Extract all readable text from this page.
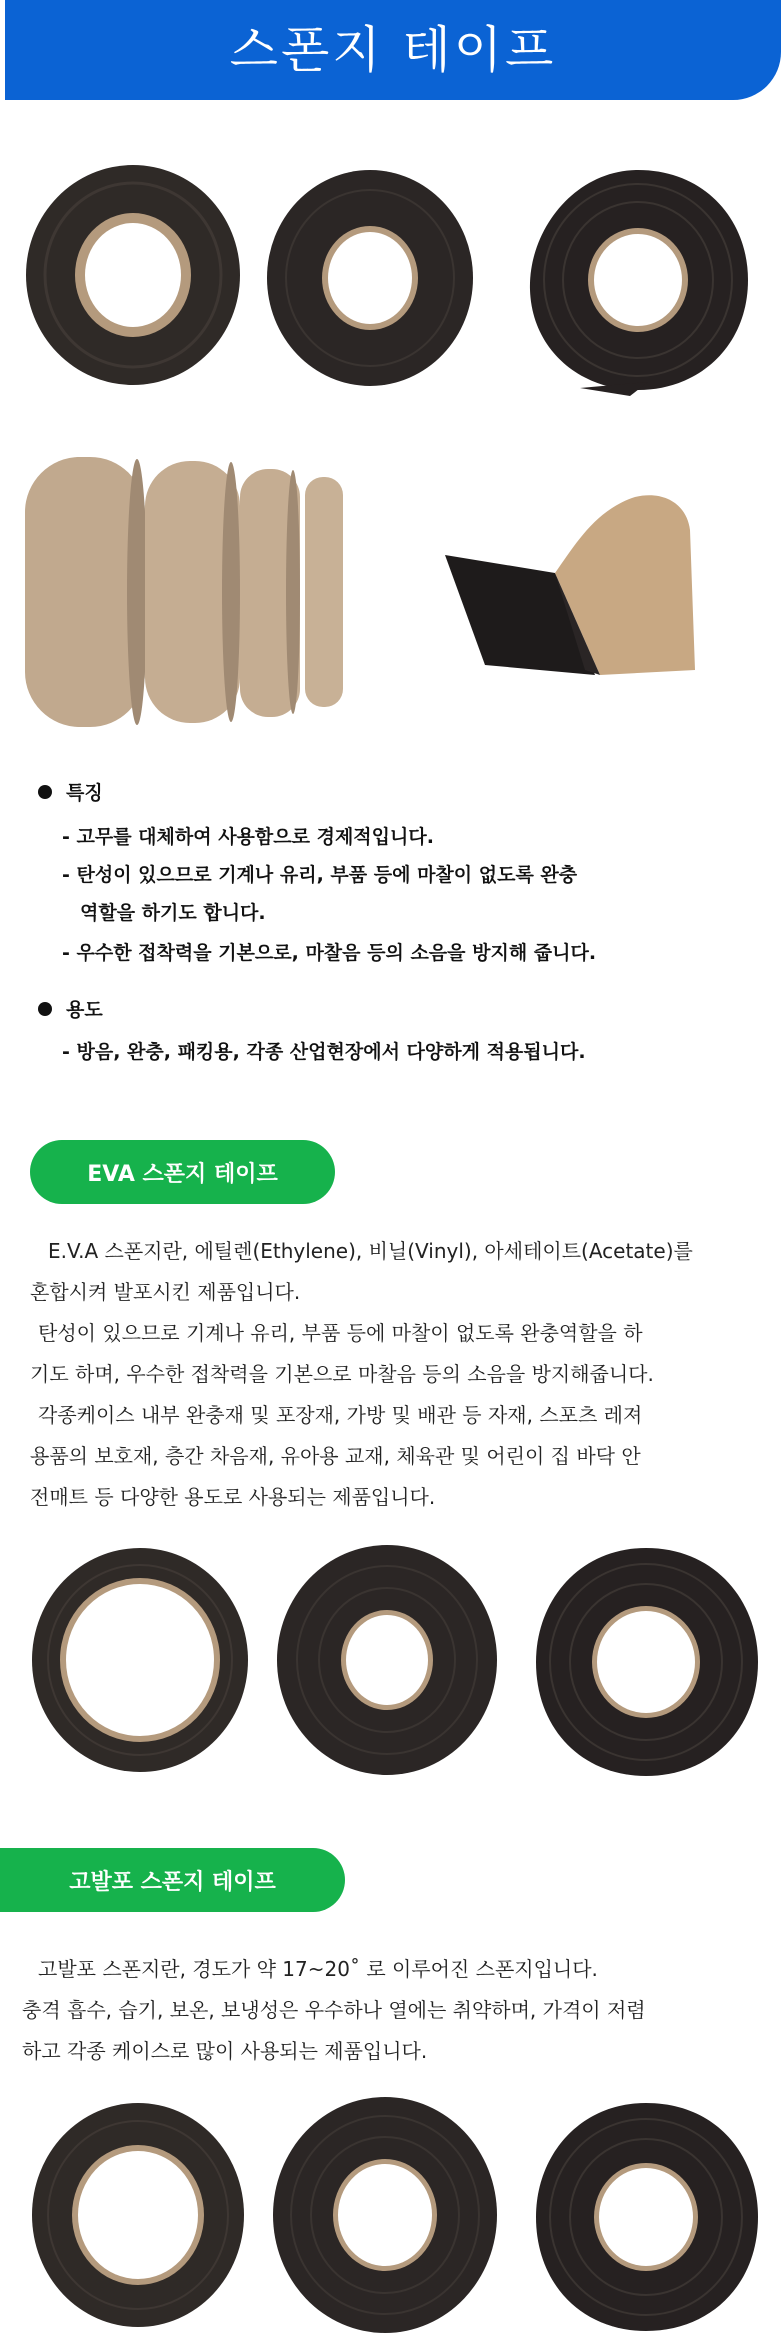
스폰지 테이프
특징
- 고무를 대체하여 사용함으로 경제적입니다.
- 탄성이 있으므로 기계나 유리, 부품 등에 마찰이 없도록 완충
역할을 하기도 합니다.
- 우수한 접착력을 기본으로, 마찰음 등의 소음을 방지해 줍니다.
용도
- 방음, 완충, 패킹용, 각종 산업현장에서 다양하게 적용됩니다.
EVA 스폰지 테이프
E.V.A 스폰지란, 에틸렌(Ethylene), 비닐(Vinyl), 아세테이트(Acetate)를
혼합시켜 발포시킨 제품입니다.
탄성이 있으므로 기계나 유리, 부품 등에 마찰이 없도록 완충역할을 하
기도 하며, 우수한 접착력을 기본으로 마찰음 등의 소음을 방지해줍니다.
각종케이스 내부 완충재 및 포장재, 가방 및 배관 등 자재, 스포츠 레져
용품의 보호재, 층간 차음재, 유아용 교재, 체육관 및 어린이 집 바닥 안
전매트 등 다양한 용도로 사용되는 제품입니다.
고발포 스폰지 테이프
고발포 스폰지란, 경도가 약 17~20˚ 로 이루어진 스폰지입니다.
충격 흡수, 습기, 보온, 보냉성은 우수하나 열에는 취약하며, 가격이 저렴
하고 각종 케이스로 많이 사용되는 제품입니다.
